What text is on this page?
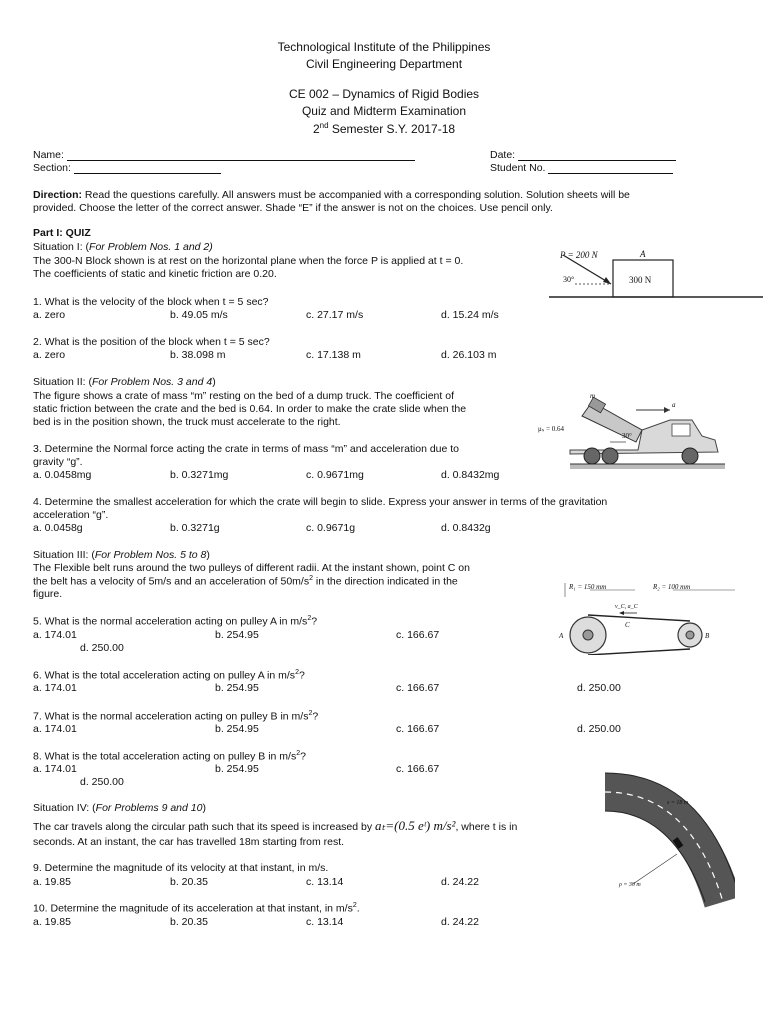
Technological Institute of the Philippines
Civil Engineering Department
CE 002 – Dynamics of Rigid Bodies
Quiz and Midterm Examination
2nd Semester S.Y. 2017-18
Name:
Section:
Date:
Student No.
Direction: Read the questions carefully. All answers must be accompanied with a corresponding solution. Solution sheets will be
provided. Choose the letter of the correct answer. Shade “E” if the answer is not on the choices. Use pencil only.
Part I: QUIZ
Situation I: (For Problem Nos. 1 and 2)
The 300-N Block shown is at rest on the horizontal plane when the force P is applied at t = 0.
The coefficients of static and kinetic friction are 0.20.
P = 200 N	A
30°	300 N
1. What is the velocity of the block when t = 5 sec?
a. zero	b. 49.05 m/s	c. 27.17 m/s	d. 15.24 m/s
2. What is the position of the block when t = 5 sec?
a. zero	b. 38.098 m	c. 17.138 m	d. 26.103 m
Situation II: (For Problem Nos. 3 and 4)
The figure shows a crate of mass “m” resting on the bed of a dump truck. The coefficient of
static friction between the crate and the bed is 0.64. In order to make the crate slide when the
bed is in the position shown, the truck must accelerate to the right.
μₛ = 0.64
30°
m
a
3. Determine the Normal force acting the crate in terms of mass “m” and acceleration due to
gravity “g”.
a. 0.0458mg	b. 0.3271mg	c. 0.9671mg	d. 0.8432mg
4. Determine the smallest acceleration for which the crate will begin to slide. Express your answer in terms of the gravitation
acceleration “g”.
a. 0.0458g	b. 0.3271g	c. 0.9671g	d. 0.8432g
Situation III: (For Problem Nos. 5 to 8)
The Flexible belt runs around the two pulleys of different radii. At the instant shown, point C on
the belt has a velocity of 5m/s and an acceleration of $50m/s^2$ in the direction indicated in the
figure.
R₁ = 150 mm	R₂ = 100 mm
v_C, a_C
C
A	B
5. What is the normal acceleration acting on pulley A in $m/s^2$?
a. 174.01	b. 254.95	c. 166.67
d. 250.00
6. What is the total acceleration acting on pulley A in $m/s^2$?
a. 174.01	b. 254.95	c. 166.67	d. 250.00
7. What is the normal acceleration acting on pulley B in $m/s^2$?
a. 174.01	b. 254.95	c. 166.67	d. 250.00
8. What is the total acceleration acting on pulley B in $m/s^2$?
a. 174.01	b. 254.95	c. 166.67
d. 250.00
Situation IV: (For Problems 9 and 10)
The car travels along the circular path such that its speed is increased by aₜ=(0.5 eᵗ) m/s², where t is in
seconds. At an instant, the car has travelled 18m starting from rest.
s = 18 m
ρ = 30 m
9. Determine the magnitude of its velocity at that instant, in m/s.
a. 19.85	b. 20.35	c. 13.14	d. 24.22
10. Determine the magnitude of its acceleration at that instant, in $m/s^2$.
a. 19.85	b. 20.35	c. 13.14	d. 24.22
